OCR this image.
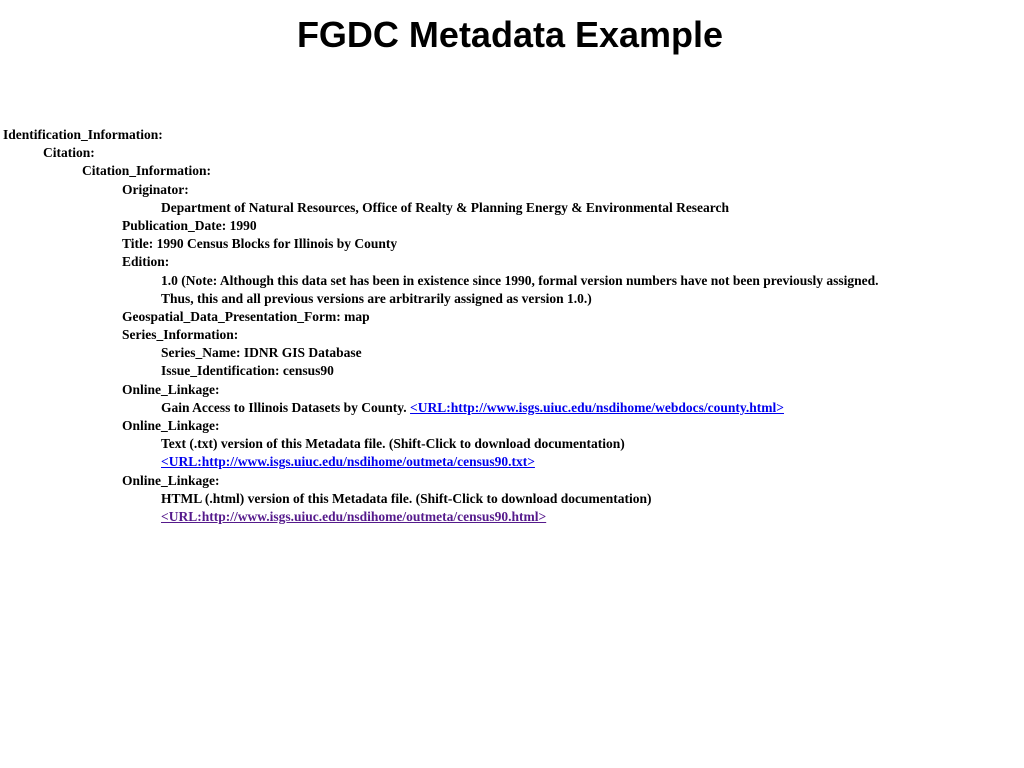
FGDC Metadata Example
Identification_Information:
Citation:
Citation_Information:
Originator:
Department of Natural Resources, Office of Realty & Planning Energy & Environmental Research
Publication_Date: 1990
Title: 1990 Census Blocks for Illinois by County
Edition:
1.0 (Note: Although this data set has been in existence since 1990, formal version numbers have not been previously assigned.
Thus, this and all previous versions are arbitrarily assigned as version 1.0.)
Geospatial_Data_Presentation_Form: map
Series_Information:
Series_Name: IDNR GIS Database
Issue_Identification: census90
Online_Linkage:
Gain Access to Illinois Datasets by County. <URL:http://www.isgs.uiuc.edu/nsdihome/webdocs/county.html>
Online_Linkage:
Text (.txt) version of this Metadata file. (Shift-Click to download documentation)
<URL:http://www.isgs.uiuc.edu/nsdihome/outmeta/census90.txt>
Online_Linkage:
HTML (.html) version of this Metadata file. (Shift-Click to download documentation)
<URL:http://www.isgs.uiuc.edu/nsdihome/outmeta/census90.html>
